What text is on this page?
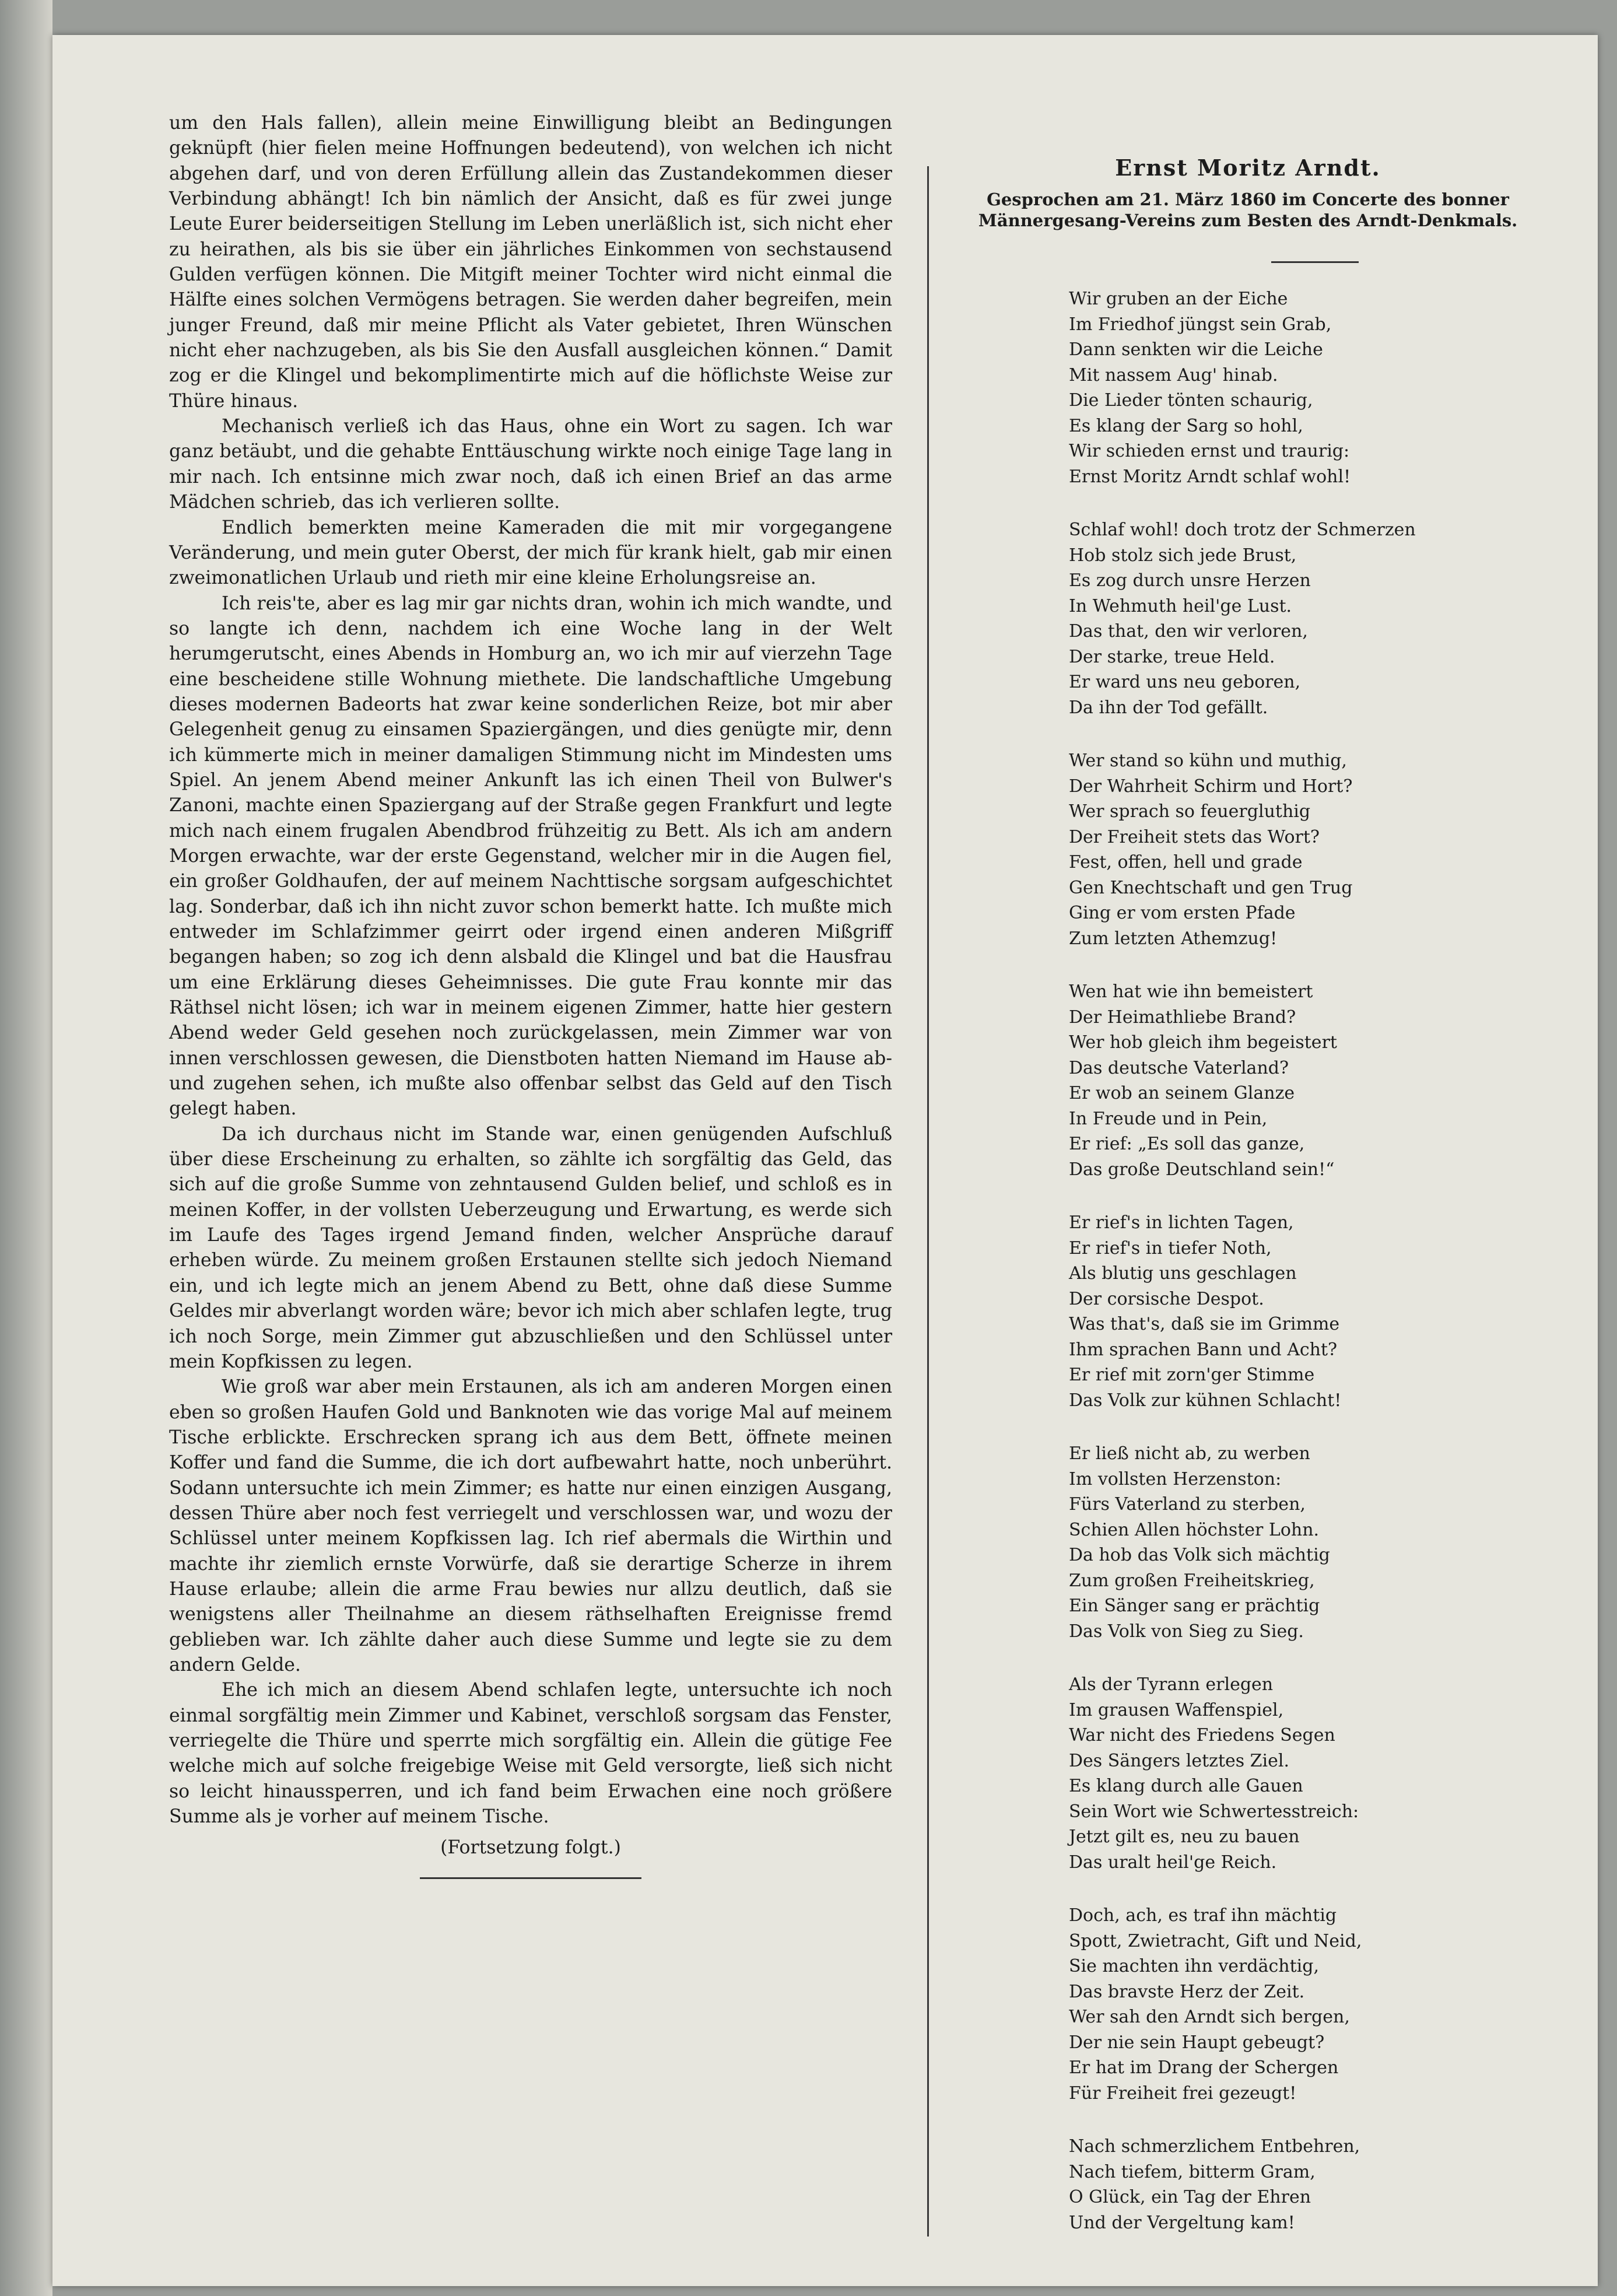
um den Hals fallen), allein meine Einwilligung bleibt an Bedingungen geknüpft (hier fielen meine Hoffnungen bedeutend), von welchen ich nicht abgehen darf, und von deren Erfüllung allein das Zustandekommen dieser Verbindung abhängt! Ich bin nämlich der Ansicht, daß es für zwei junge Leute Eurer beiderseitigen Stellung im Leben unerläßlich ist, sich nicht eher zu heirathen, als bis sie über ein jährliches Einkommen von sechstausend Gulden verfügen können. Die Mitgift meiner Tochter wird nicht einmal die Hälfte eines solchen Vermögens betragen. Sie werden daher begreifen, mein junger Freund, daß mir meine Pflicht als Vater gebietet, Ihren Wünschen nicht eher nachzugeben, als bis Sie den Ausfall ausgleichen können.“ Damit zog er die Klingel und bekomplimentirte mich auf die höflichste Weise zur Thüre hinaus.

Mechanisch verließ ich das Haus, ohne ein Wort zu sagen. Ich war ganz betäubt, und die gehabte Enttäuschung wirkte noch einige Tage lang in mir nach. Ich entsinne mich zwar noch, daß ich einen Brief an das arme Mädchen schrieb, das ich verlieren sollte.

Endlich bemerkten meine Kameraden die mit mir vorgegangene Veränderung, und mein guter Oberst, der mich für krank hielt, gab mir einen zweimonatlichen Urlaub und rieth mir eine kleine Erholungsreise an.

Ich reis'te, aber es lag mir gar nichts dran, wohin ich mich wandte, und so langte ich denn, nachdem ich eine Woche lang in der Welt herumgerutscht, eines Abends in Homburg an, wo ich mir auf vierzehn Tage eine bescheidene stille Wohnung miethete. Die landschaftliche Umgebung dieses modernen Badeorts hat zwar keine sonderlichen Reize, bot mir aber Gelegenheit genug zu einsamen Spaziergängen, und dies genügte mir, denn ich kümmerte mich in meiner damaligen Stimmung nicht im Mindesten ums Spiel. An jenem Abend meiner Ankunft las ich einen Theil von Bulwer's Zanoni, machte einen Spaziergang auf der Straße gegen Frankfurt und legte mich nach einem frugalen Abendbrod frühzeitig zu Bett. Als ich am andern Morgen erwachte, war der erste Gegenstand, welcher mir in die Augen fiel, ein großer Goldhaufen, der auf meinem Nachttische sorgsam aufgeschichtet lag. Sonderbar, daß ich ihn nicht zuvor schon bemerkt hatte. Ich mußte mich entweder im Schlafzimmer geirrt oder irgend einen anderen Mißgriff begangen haben; so zog ich denn alsbald die Klingel und bat die Hausfrau um eine Erklärung dieses Geheimnisses. Die gute Frau konnte mir das Räthsel nicht lösen; ich war in meinem eigenen Zimmer, hatte hier gestern Abend weder Geld gesehen noch zurückgelassen, mein Zimmer war von innen verschlossen gewesen, die Dienstboten hatten Niemand im Hause ab- und zugehen sehen, ich mußte also offenbar selbst das Geld auf den Tisch gelegt haben.

Da ich durchaus nicht im Stande war, einen genügenden Aufschluß über diese Erscheinung zu erhalten, so zählte ich sorgfältig das Geld, das sich auf die große Summe von zehntausend Gulden belief, und schloß es in meinen Koffer, in der vollsten Ueberzeugung und Erwartung, es werde sich im Laufe des Tages irgend Jemand finden, welcher Ansprüche darauf erheben würde. Zu meinem großen Erstaunen stellte sich jedoch Niemand ein, und ich legte mich an jenem Abend zu Bett, ohne daß diese Summe Geldes mir abverlangt worden wäre; bevor ich mich aber schlafen legte, trug ich noch Sorge, mein Zimmer gut abzuschließen und den Schlüssel unter mein Kopfkissen zu legen.

Wie groß war aber mein Erstaunen, als ich am anderen Morgen einen eben so großen Haufen Gold und Banknoten wie das vorige Mal auf meinem Tische erblickte. Erschrecken sprang ich aus dem Bett, öffnete meinen Koffer und fand die Summe, die ich dort aufbewahrt hatte, noch unberührt. Sodann untersuchte ich mein Zimmer; es hatte nur einen einzigen Ausgang, dessen Thüre aber noch fest verriegelt und verschlossen war, und wozu der Schlüssel unter meinem Kopfkissen lag. Ich rief abermals die Wirthin und machte ihr ziemlich ernste Vorwürfe, daß sie derartige Scherze in ihrem Hause erlaube; allein die arme Frau bewies nur allzu deutlich, daß sie wenigstens aller Theilnahme an diesem räthselhaften Ereignisse fremd geblieben war. Ich zählte daher auch diese Summe und legte sie zu dem andern Gelde.

Ehe ich mich an diesem Abend schlafen legte, untersuchte ich noch einmal sorgfältig mein Zimmer und Kabinet, verschloß sorgsam das Fenster, verriegelte die Thüre und sperrte mich sorgfältig ein. Allein die gütige Fee welche mich auf solche freigebige Weise mit Geld versorgte, ließ sich nicht so leicht hinaussperren, und ich fand beim Erwachen eine noch größere Summe als je vorher auf meinem Tische.

(Fortsetzung folgt.)

Ernst Moritz Arndt.

Gesprochen am 21. März 1860 im Concerte des bonner Männergesang-Vereins zum Besten des Arndt-Denkmals.

Wir gruben an der Eiche
Im Friedhof jüngst sein Grab,
Dann senkten wir die Leiche
Mit nassem Aug' hinab.
Die Lieder tönten schaurig,
Es klang der Sarg so hohl,
Wir schieden ernst und traurig:
Ernst Moritz Arndt schlaf wohl!
Schlaf wohl! doch trotz der Schmerzen
Hob stolz sich jede Brust,
Es zog durch unsre Herzen
In Wehmuth heil'ge Lust.
Das that, den wir verloren,
Der starke, treue Held.
Er ward uns neu geboren,
Da ihn der Tod gefällt.
Wer stand so kühn und muthig,
Der Wahrheit Schirm und Hort?
Wer sprach so feuergluthig
Der Freiheit stets das Wort?
Fest, offen, hell und grade
Gen Knechtschaft und gen Trug
Ging er vom ersten Pfade
Zum letzten Athemzug!
Wen hat wie ihn bemeistert
Der Heimathliebe Brand?
Wer hob gleich ihm begeistert
Das deutsche Vaterland?
Er wob an seinem Glanze
In Freude und in Pein,
Er rief: „Es soll das ganze,
Das große Deutschland sein!“
Er rief's in lichten Tagen,
Er rief's in tiefer Noth,
Als blutig uns geschlagen
Der corsische Despot.
Was that's, daß sie im Grimme
Ihm sprachen Bann und Acht?
Er rief mit zorn'ger Stimme
Das Volk zur kühnen Schlacht!
Er ließ nicht ab, zu werben
Im vollsten Herzenston:
Fürs Vaterland zu sterben,
Schien Allen höchster Lohn.
Da hob das Volk sich mächtig
Zum großen Freiheitskrieg,
Ein Sänger sang er prächtig
Das Volk von Sieg zu Sieg.
Als der Tyrann erlegen
Im grausen Waffenspiel,
War nicht des Friedens Segen
Des Sängers letztes Ziel.
Es klang durch alle Gauen
Sein Wort wie Schwertesstreich:
Jetzt gilt es, neu zu bauen
Das uralt heil'ge Reich.
Doch, ach, es traf ihn mächtig
Spott, Zwietracht, Gift und Neid,
Sie machten ihn verdächtig,
Das bravste Herz der Zeit.
Wer sah den Arndt sich bergen,
Der nie sein Haupt gebeugt?
Er hat im Drang der Schergen
Für Freiheit frei gezeugt!
Nach schmerzlichem Entbehren,
Nach tiefem, bitterm Gram,
O Glück, ein Tag der Ehren
Und der Vergeltung kam!
